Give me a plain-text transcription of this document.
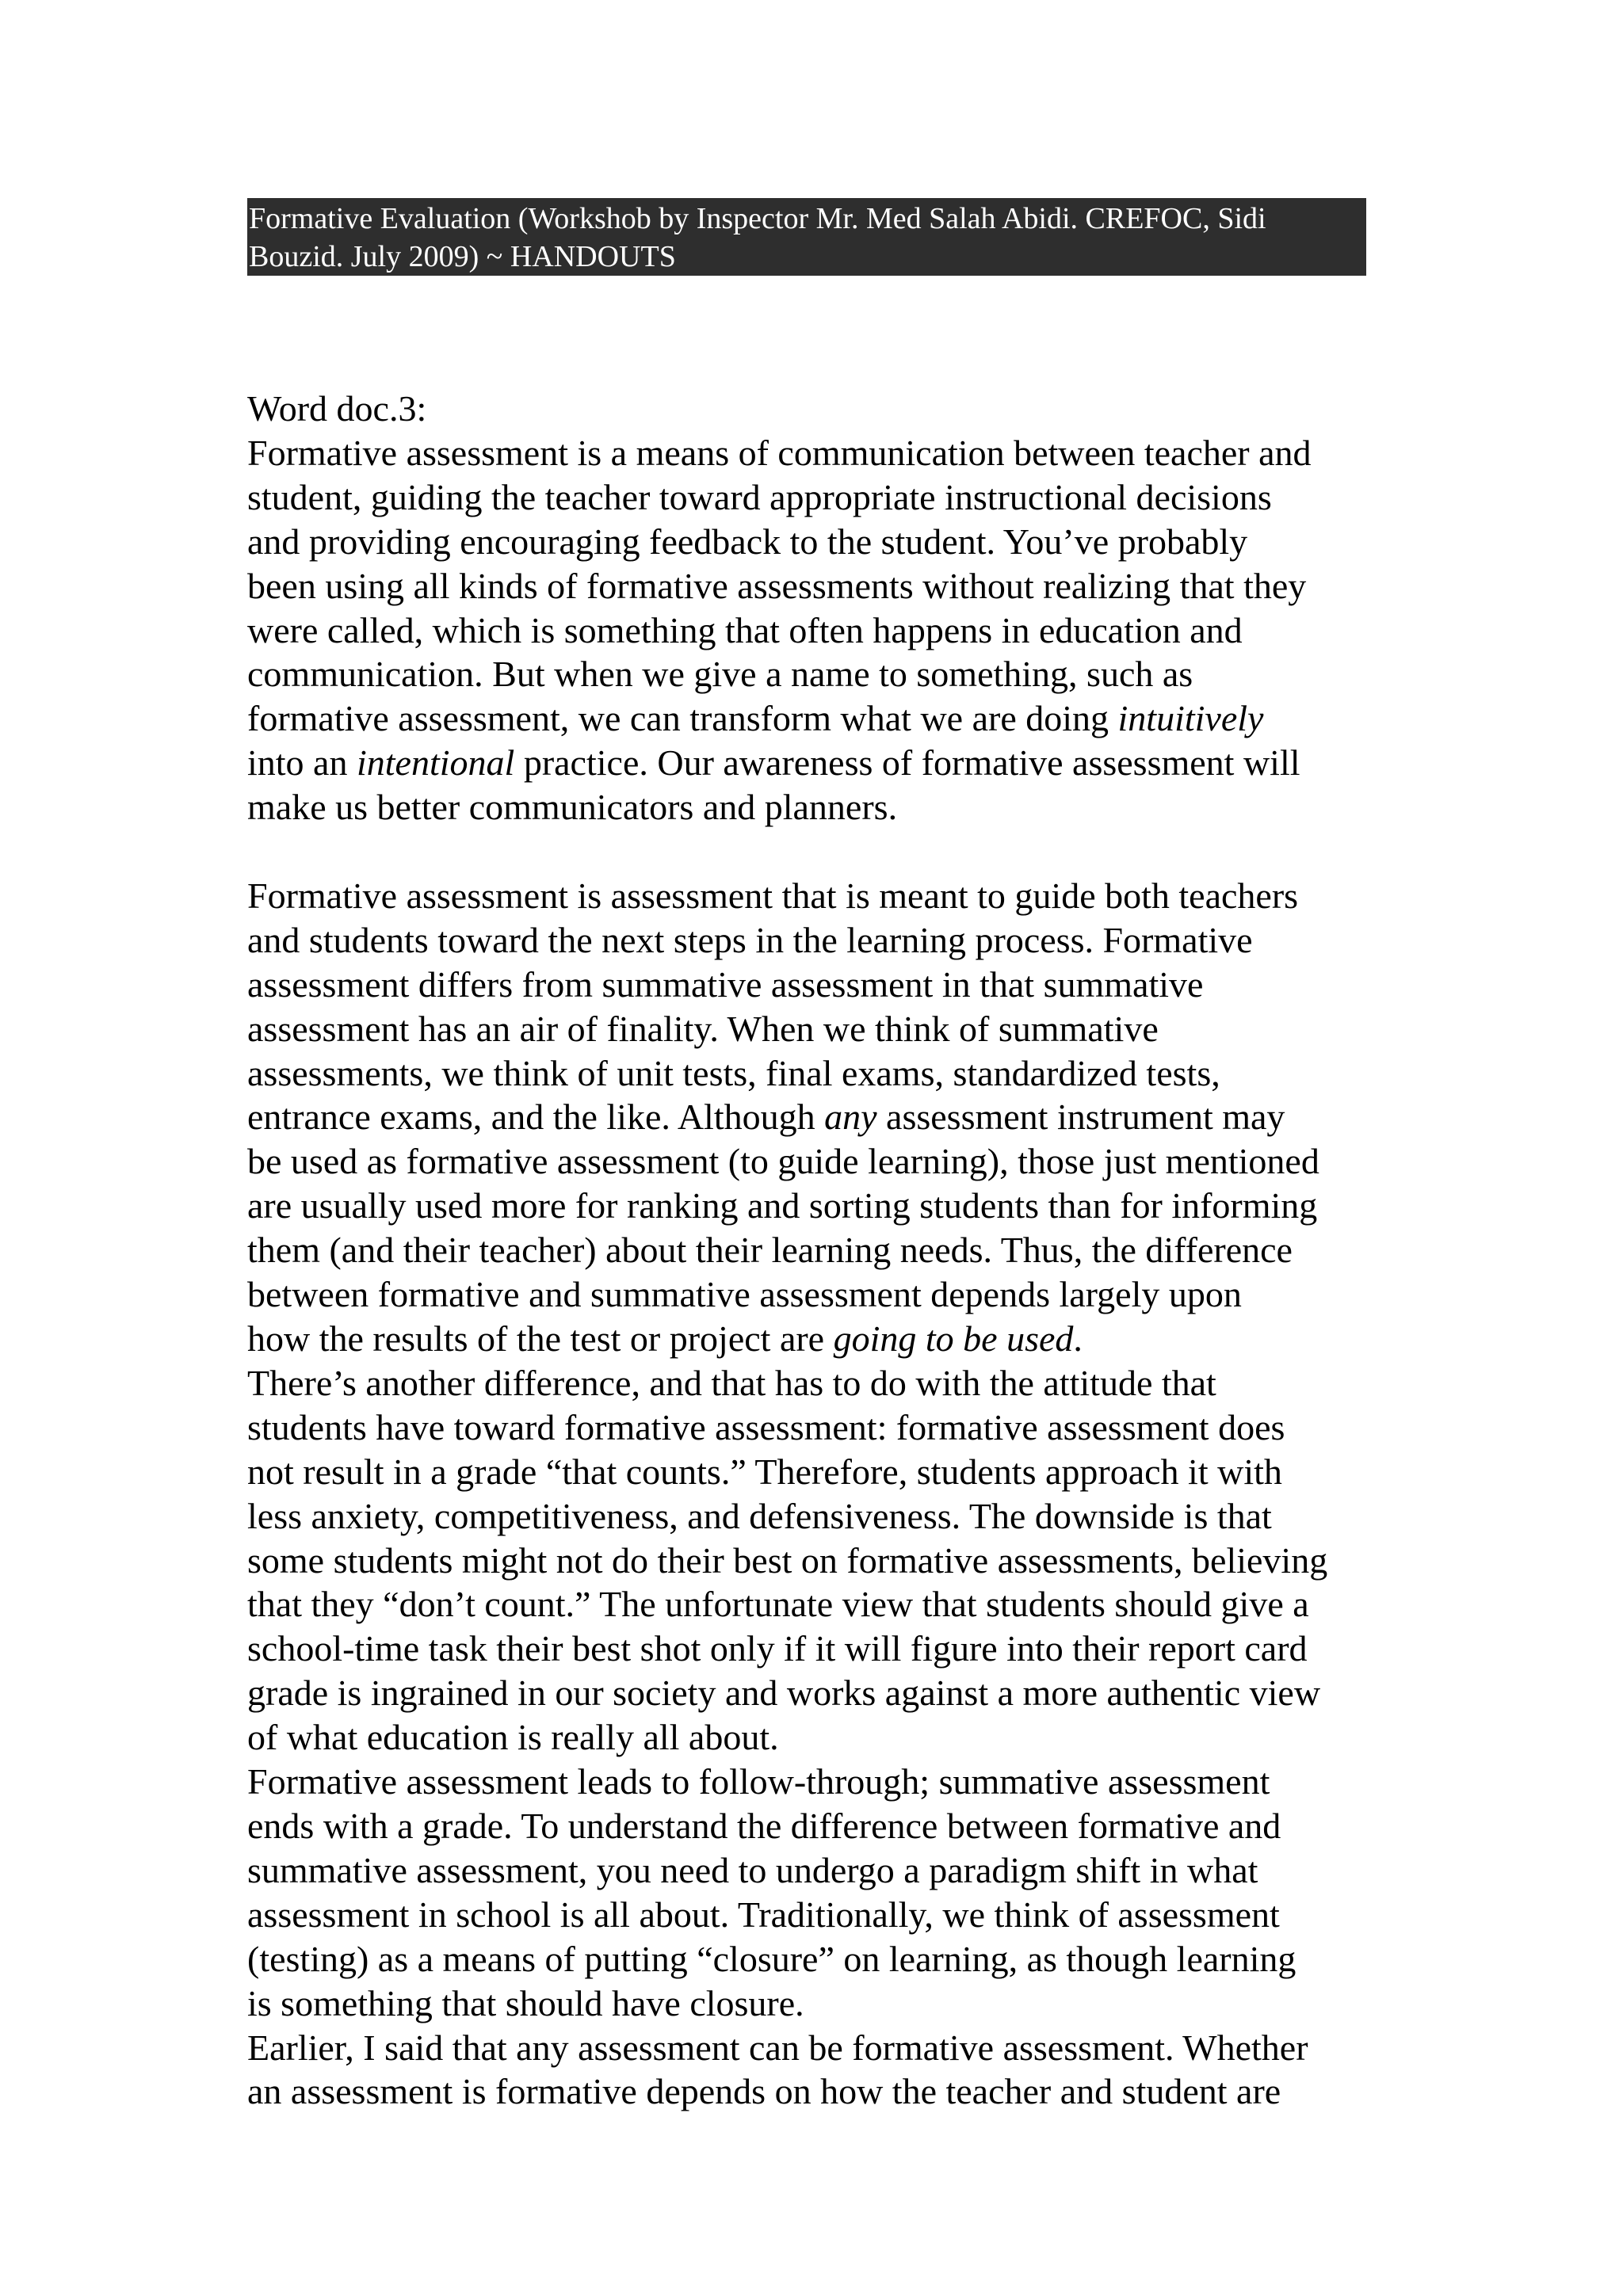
Formative Evaluation (Workshob by Inspector Mr. Med Salah Abidi. CREFOC, Sidi
Bouzid. July 2009) ~ HANDOUTS

Word doc.3:

Formative assessment is a means of communication between teacher and

student, guiding the teacher toward appropriate instructional decisions

and providing encouraging feedback to the student. You’ve probably

been using all kinds of formative assessments without realizing that they

were called, which is something that often happens in education and

communication. But when we give a name to something, such as

formative assessment, we can transform what we are doing intuitively

into an intentional practice. Our awareness of formative assessment will

make us better communicators and planners.

Formative assessment is assessment that is meant to guide both teachers

and students toward the next steps in the learning process. Formative

assessment differs from summative assessment in that summative

assessment has an air of finality. When we think of summative

assessments, we think of unit tests, final exams, standardized tests,

entrance exams, and the like. Although any assessment instrument may

be used as formative assessment (to guide learning), those just mentioned

are usually used more for ranking and sorting students than for informing

them (and their teacher) about their learning needs. Thus, the difference

between formative and summative assessment depends largely upon

how the results of the test or project are going to be used.

There’s another difference, and that has to do with the attitude that

students have toward formative assessment: formative assessment does

not result in a grade “that counts.” Therefore, students approach it with

less anxiety, competitiveness, and defensiveness. The downside is that

some students might not do their best on formative assessments, believing

that they “don’t count.” The unfortunate view that students should give a

school-time task their best shot only if it will figure into their report card

grade is ingrained in our society and works against a more authentic view

of what education is really all about.

Formative assessment leads to follow-through; summative assessment

ends with a grade. To understand the difference between formative and

summative assessment, you need to undergo a paradigm shift in what

assessment in school is all about. Traditionally, we think of assessment

(testing) as a means of putting “closure” on learning, as though learning

is something that should have closure.

Earlier, I said that any assessment can be formative assessment. Whether

an assessment is formative depends on how the teacher and student are
